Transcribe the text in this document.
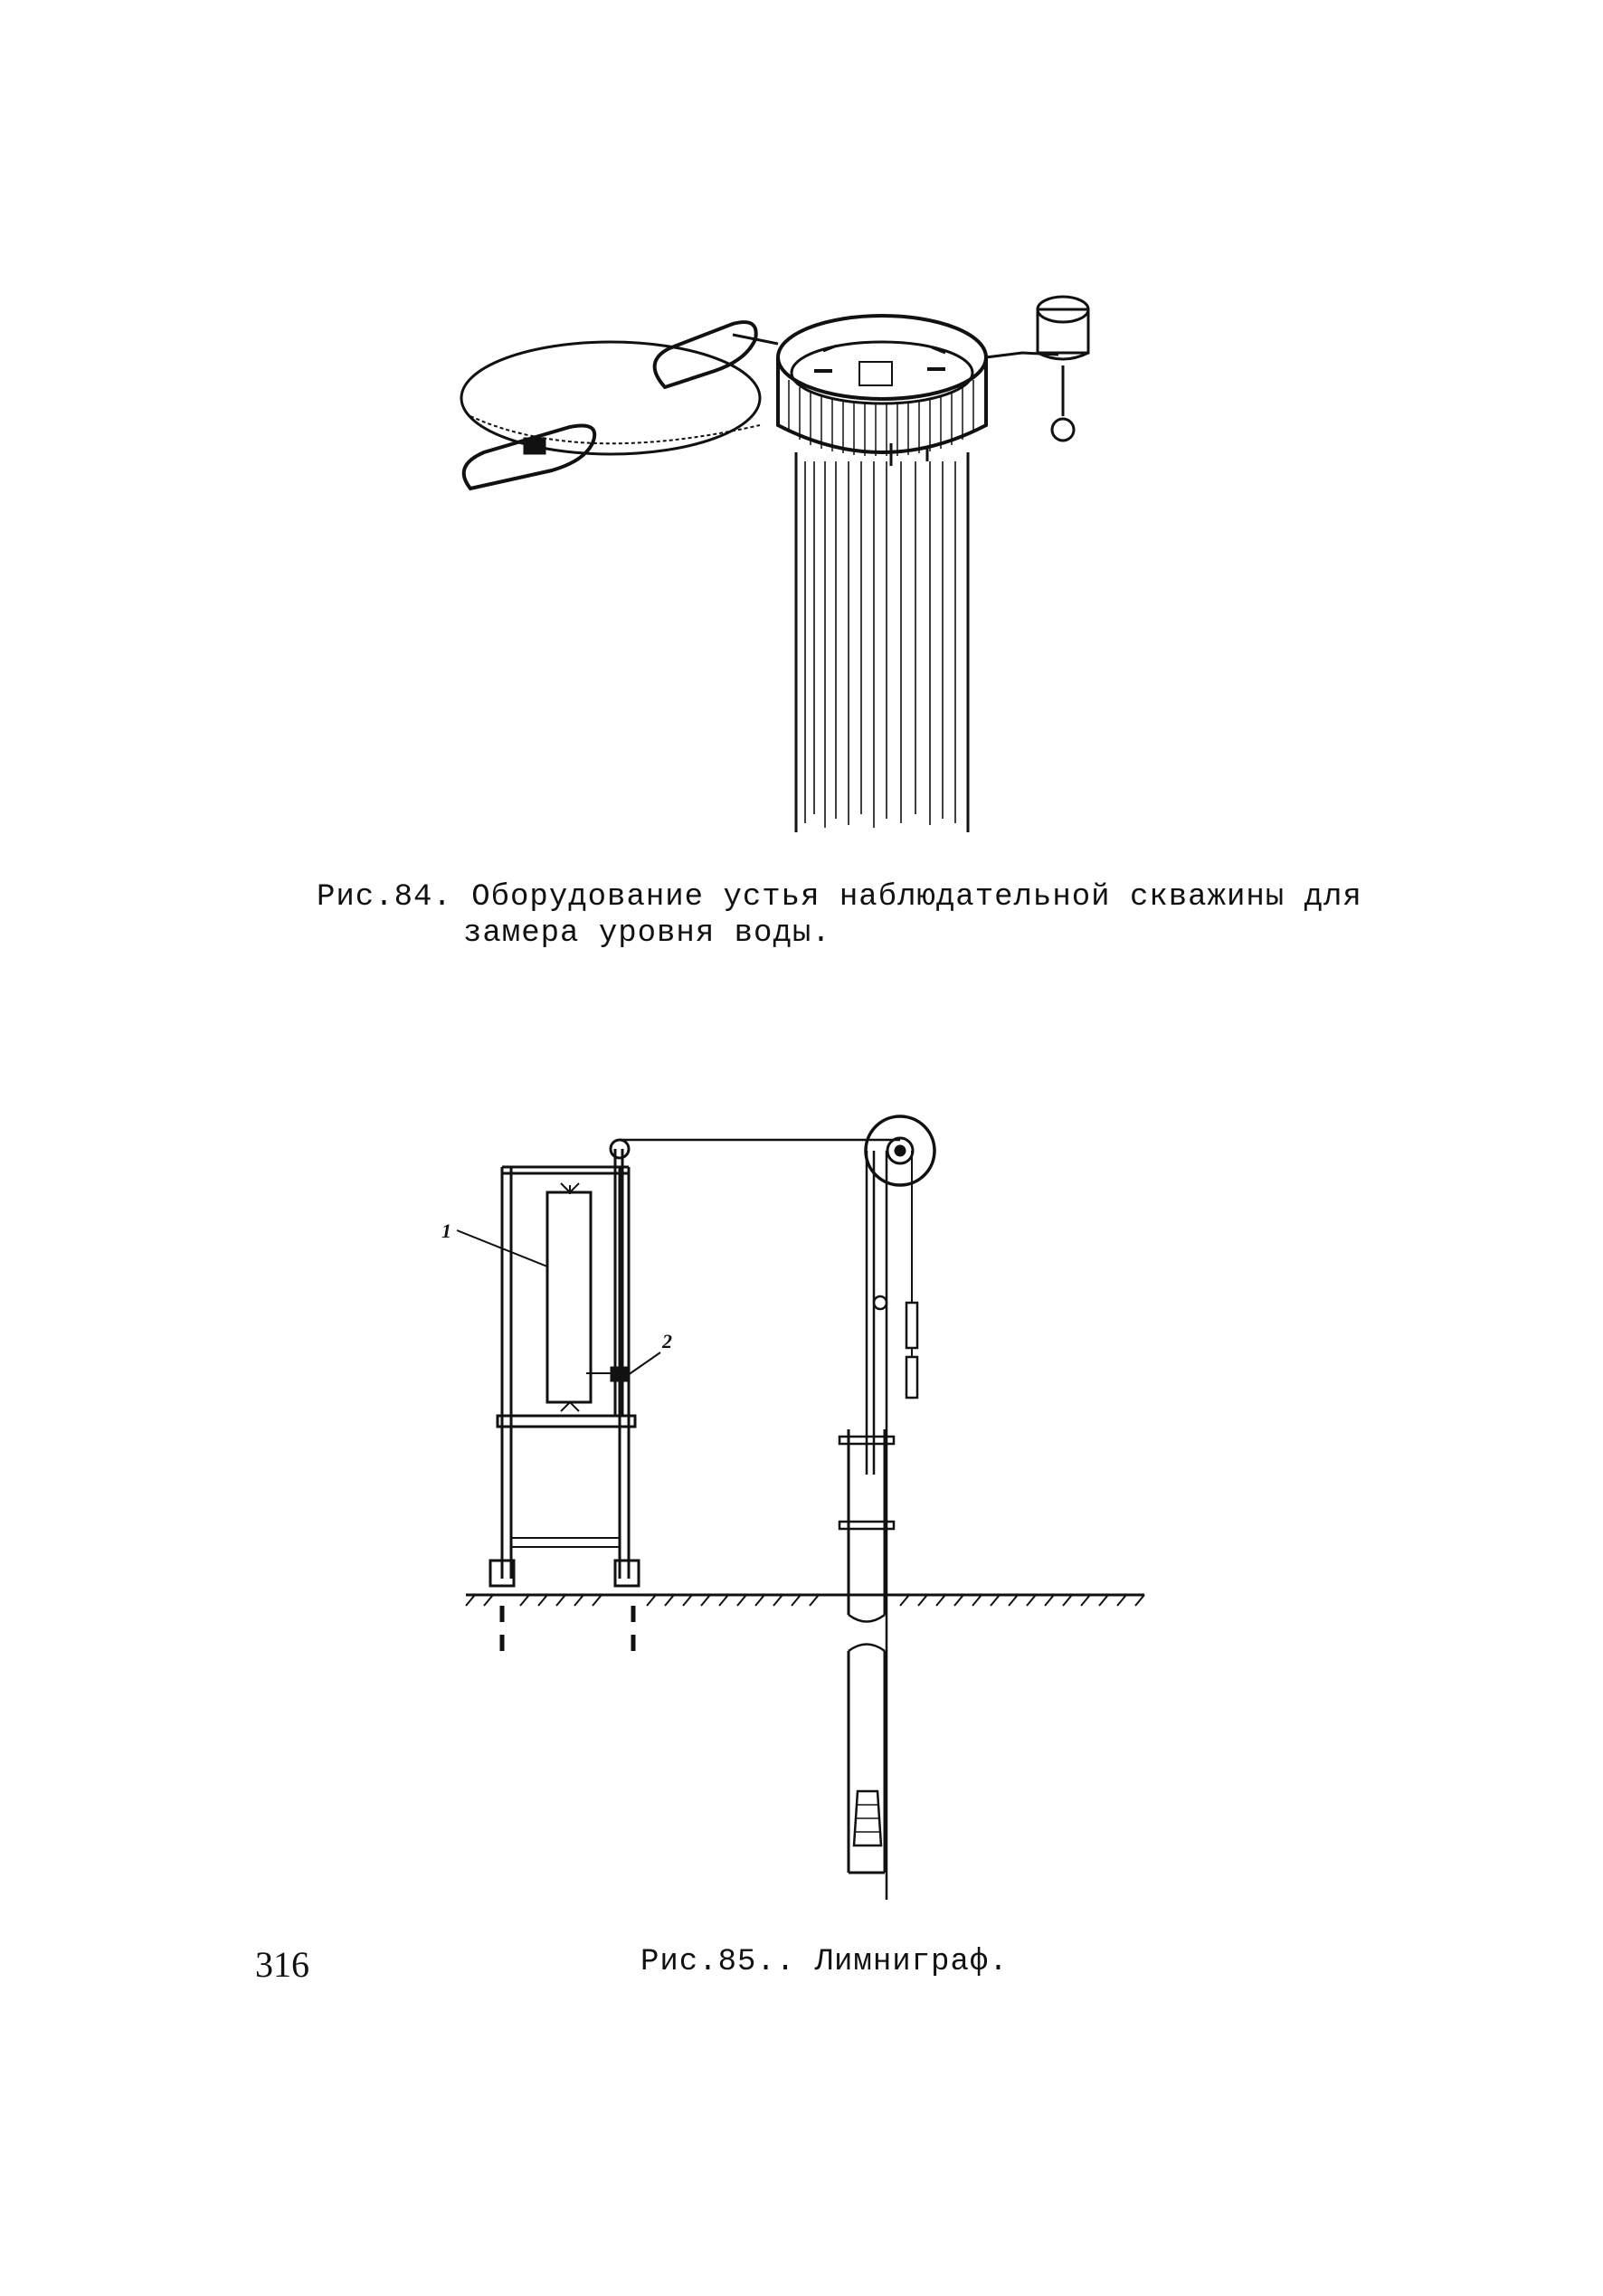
Рис.84. Оборудование устья наблюдательной скважины для
замера уровня воды.
1
2
316	Рис.85.. Лимниграф.
